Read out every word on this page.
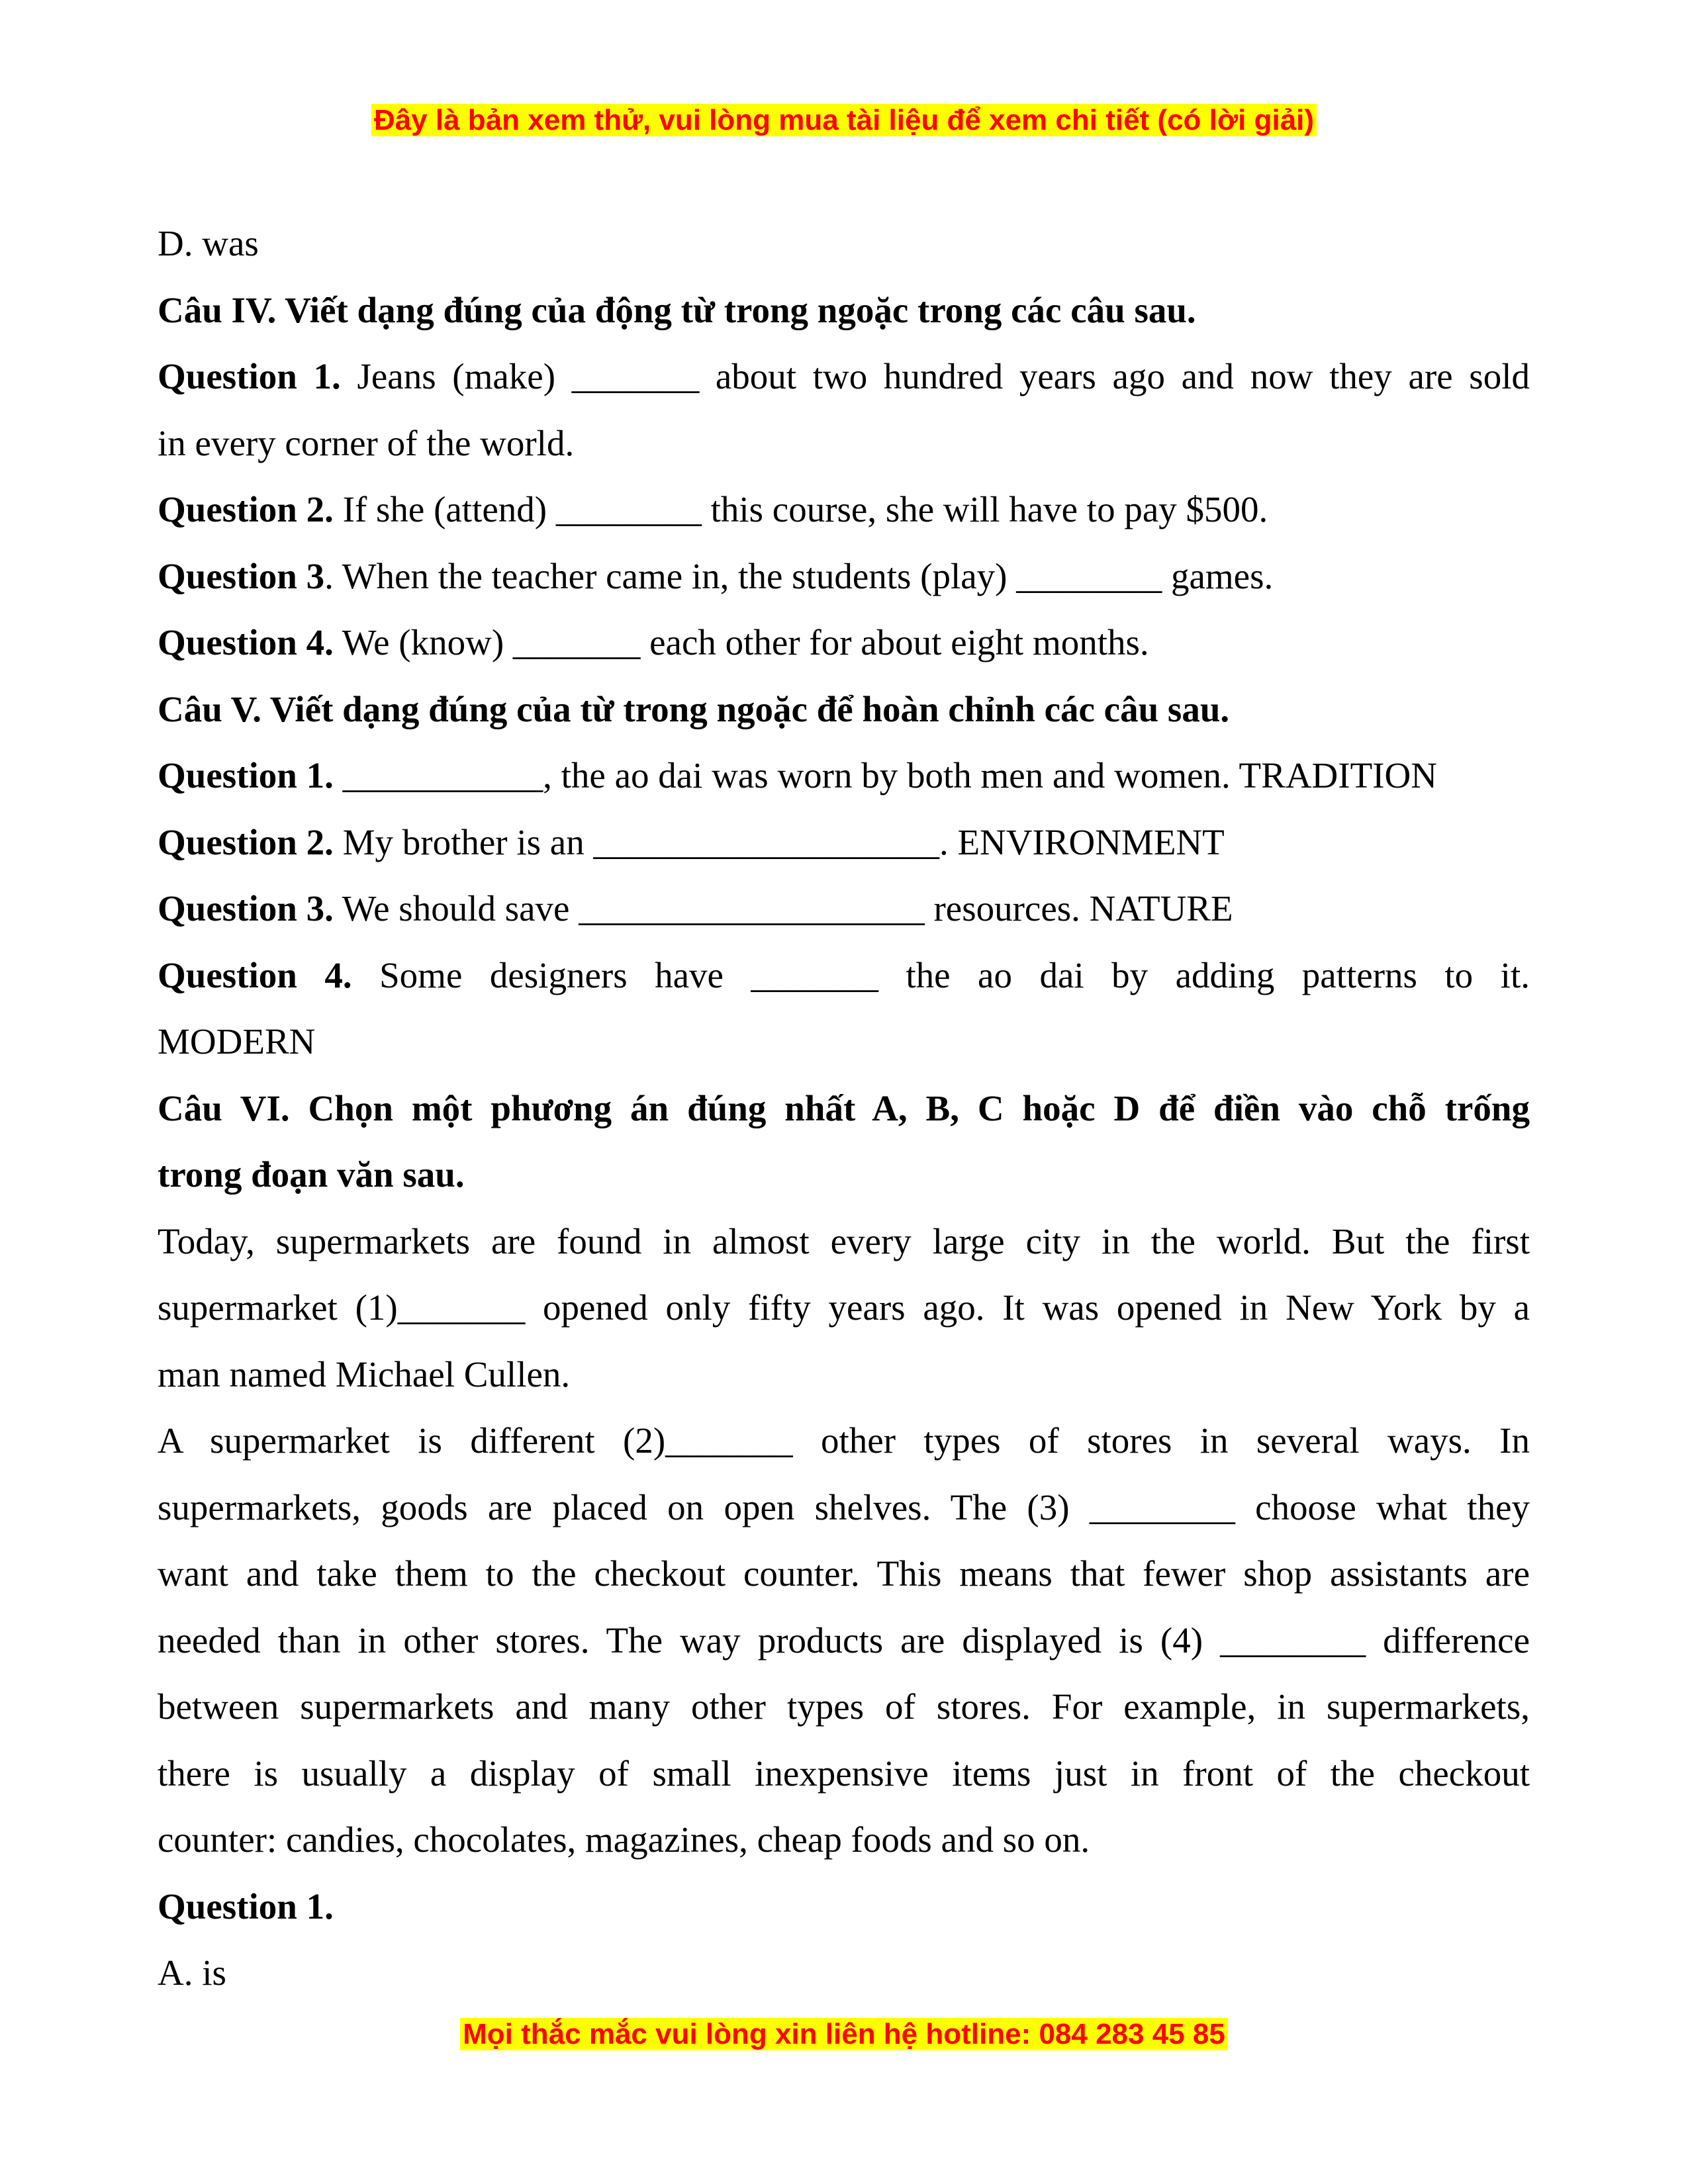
Đây là bản xem thử, vui lòng mua tài liệu để xem chi tiết (có lời giải)
D. was
Câu IV. Viết dạng đúng của động từ trong ngoặc trong các câu sau.
Question 1. Jeans (make) _______ about two hundred years ago and now they are sold
in every corner of the world.
Question 2. If she (attend) ________ this course, she will have to pay $500.
Question 3. When the teacher came in, the students (play) ________ games.
Question 4. We (know) _______ each other for about eight months.
Câu V. Viết dạng đúng của từ trong ngoặc để hoàn chỉnh các câu sau.
Question 1. ___________, the ao dai was worn by both men and women. TRADITION
Question 2. My brother is an ___________________. ENVIRONMENT
Question 3. We should save ___________________ resources. NATURE
Question 4. Some designers have _______ the ao dai by adding patterns to it.
MODERN
Câu VI. Chọn một phương án đúng nhất A, B, C hoặc D để điền vào chỗ trống
trong đoạn văn sau.
Today, supermarkets are found in almost every large city in the world. But the first
supermarket (1)_______ opened only fifty years ago. It was opened in New York by a
man named Michael Cullen.
A supermarket is different (2)_______ other types of stores in several ways. In
supermarkets, goods are placed on open shelves. The (3) ________ choose what they
want and take them to the checkout counter. This means that fewer shop assistants are
needed than in other stores. The way products are displayed is (4) ________ difference
between supermarkets and many other types of stores. For example, in supermarkets,
there is usually a display of small inexpensive items just in front of the checkout
counter: candies, chocolates, magazines, cheap foods and so on.
Question 1.
A. is
Mọi thắc mắc vui lòng xin liên hệ hotline: 084 283 45 85
